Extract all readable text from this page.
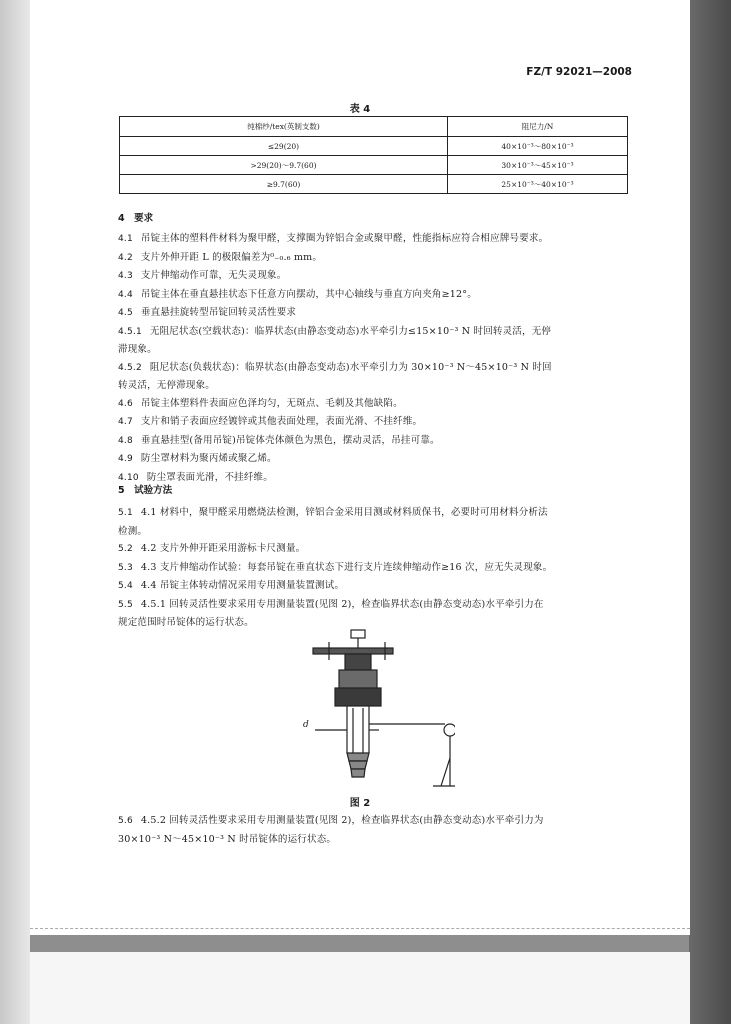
FZ/T 92021—2008
表 4
纯棉纱/tex(英制支数)	阻尼力/N
≤29(20)	40×10⁻³～80×10⁻³
>29(20)～9.7(60)	30×10⁻³～45×10⁻³
≥9.7(60)	25×10⁻³～40×10⁻³
4　要求
4.1 吊锭主体的塑料件材料为聚甲醛，支撑圈为锌铝合金或聚甲醛，性能指标应符合相应牌号要求。
4.2 支片外伸开距 L 的极限偏差为⁰₋₀.₆ mm。
4.3 支片伸缩动作可靠，无失灵现象。
4.4 吊锭主体在垂直悬挂状态下任意方向摆动，其中心轴线与垂直方向夹角≥12°。
4.5 垂直悬挂旋转型吊锭回转灵活性要求
4.5.1 无阻尼状态(空载状态)：临界状态(由静态变动态)水平牵引力≤15×10⁻³ N 时回转灵活，无停
滞现象。
4.5.2 阻尼状态(负载状态)：临界状态(由静态变动态)水平牵引力为 30×10⁻³ N～45×10⁻³ N 时回
转灵活，无停滞现象。
4.6 吊锭主体塑料件表面应色泽均匀，无斑点、毛刺及其他缺陷。
4.7 支片和销子表面应经镀锌或其他表面处理，表面光滑、不挂纤维。
4.8 垂直悬挂型(备用吊锭)吊锭体壳体颜色为黑色，摆动灵活，吊挂可靠。
4.9 防尘罩材料为聚丙烯或聚乙烯。
4.10 防尘罩表面光滑，不挂纤维。
5　试验方法
5.1 4.1 材料中，聚甲醛采用燃烧法检测，锌铝合金采用目测或材料质保书，必要时可用材料分析法
检测。
5.2 4.2 支片外伸开距采用游标卡尺测量。
5.3 4.3 支片伸缩动作试验：每套吊锭在垂直状态下进行支片连续伸缩动作≥16 次，应无失灵现象。
5.4 4.4 吊锭主体转动情况采用专用测量装置测试。
5.5 4.5.1 回转灵活性要求采用专用测量装置(见图 2)，检查临界状态(由静态变动态)水平牵引力在
规定范围时吊锭体的运行状态。
d
图 2
5.6 4.5.2 回转灵活性要求采用专用测量装置(见图 2)，检查临界状态(由静态变动态)水平牵引力为
30×10⁻³ N～45×10⁻³ N 时吊锭体的运行状态。
